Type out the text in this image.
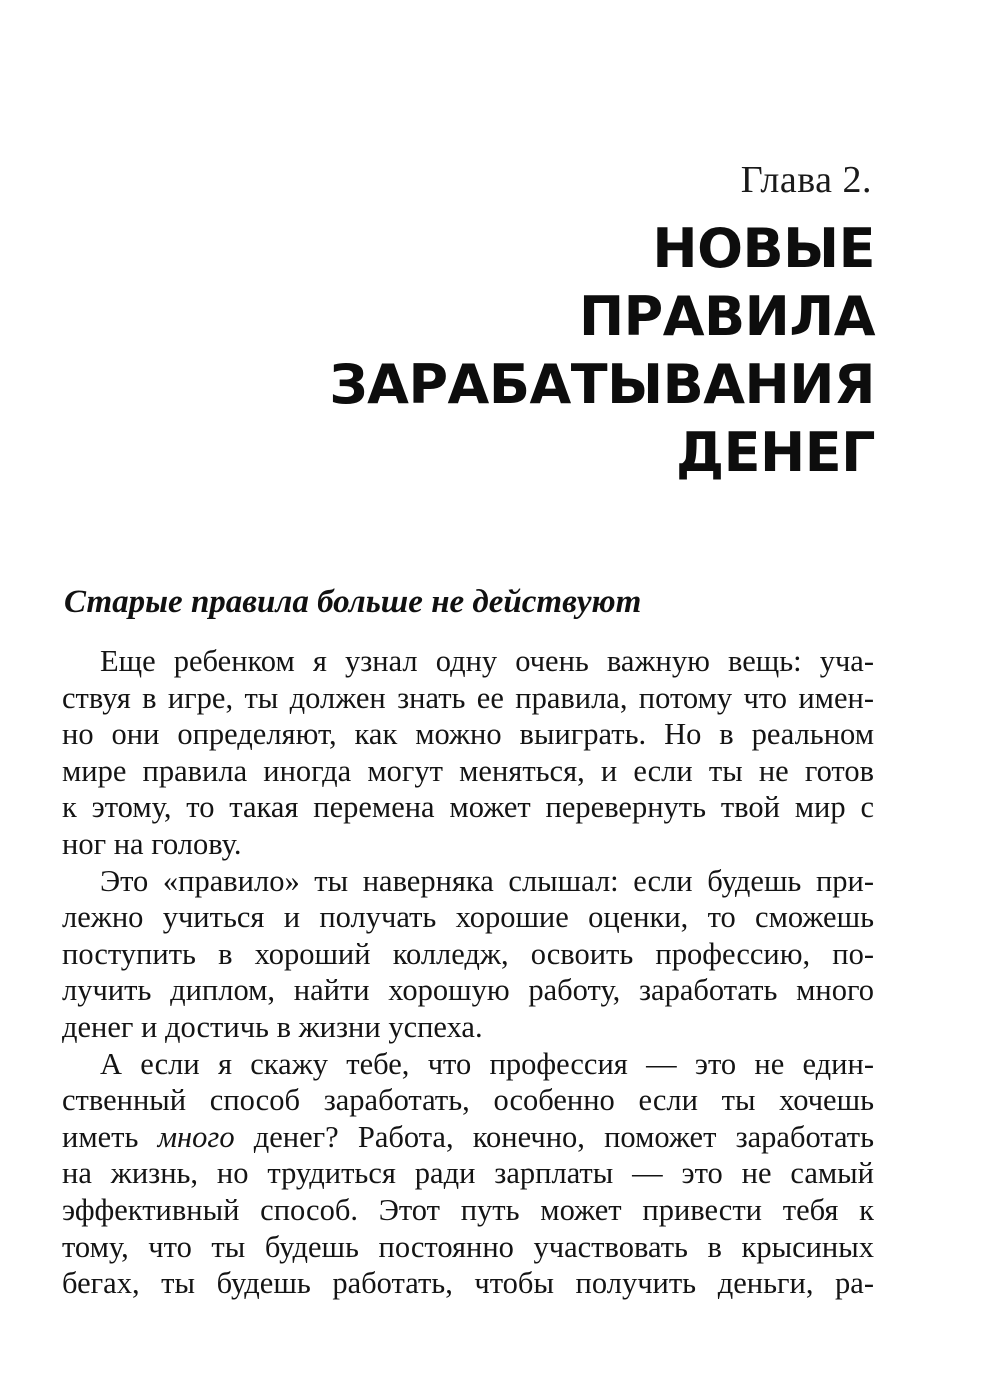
Глава 2.
НОВЫЕ
ПРАВИЛА
ЗАРАБАТЫВАНИЯ
ДЕНЕГ
Старые правила больше не действуют
Еще ребенком я узнал одну очень важную вещь: уча-
ствуя в игре, ты должен знать ее правила, потому что имен-
но они определяют, как можно выиграть. Но в реальном
мире правила иногда могут меняться, и если ты не готов
к этому, то такая перемена может перевернуть твой мир с
ног на голову.
Это «правило» ты наверняка слышал: если будешь при-
лежно учиться и получать хорошие оценки, то сможешь
поступить в хороший колледж, освоить профессию, по-
лучить диплом, найти хорошую работу, заработать много
денег и достичь в жизни успеха.
А если я скажу тебе, что профессия — это не един-
ственный способ заработать, особенно если ты хочешь
иметь много денег? Работа, конечно, поможет заработать
на жизнь, но трудиться ради зарплаты — это не самый
эффективный способ. Этот путь может привести тебя к
тому, что ты будешь постоянно участвовать в крысиных
бегах, ты будешь работать, чтобы получить деньги, ра-
